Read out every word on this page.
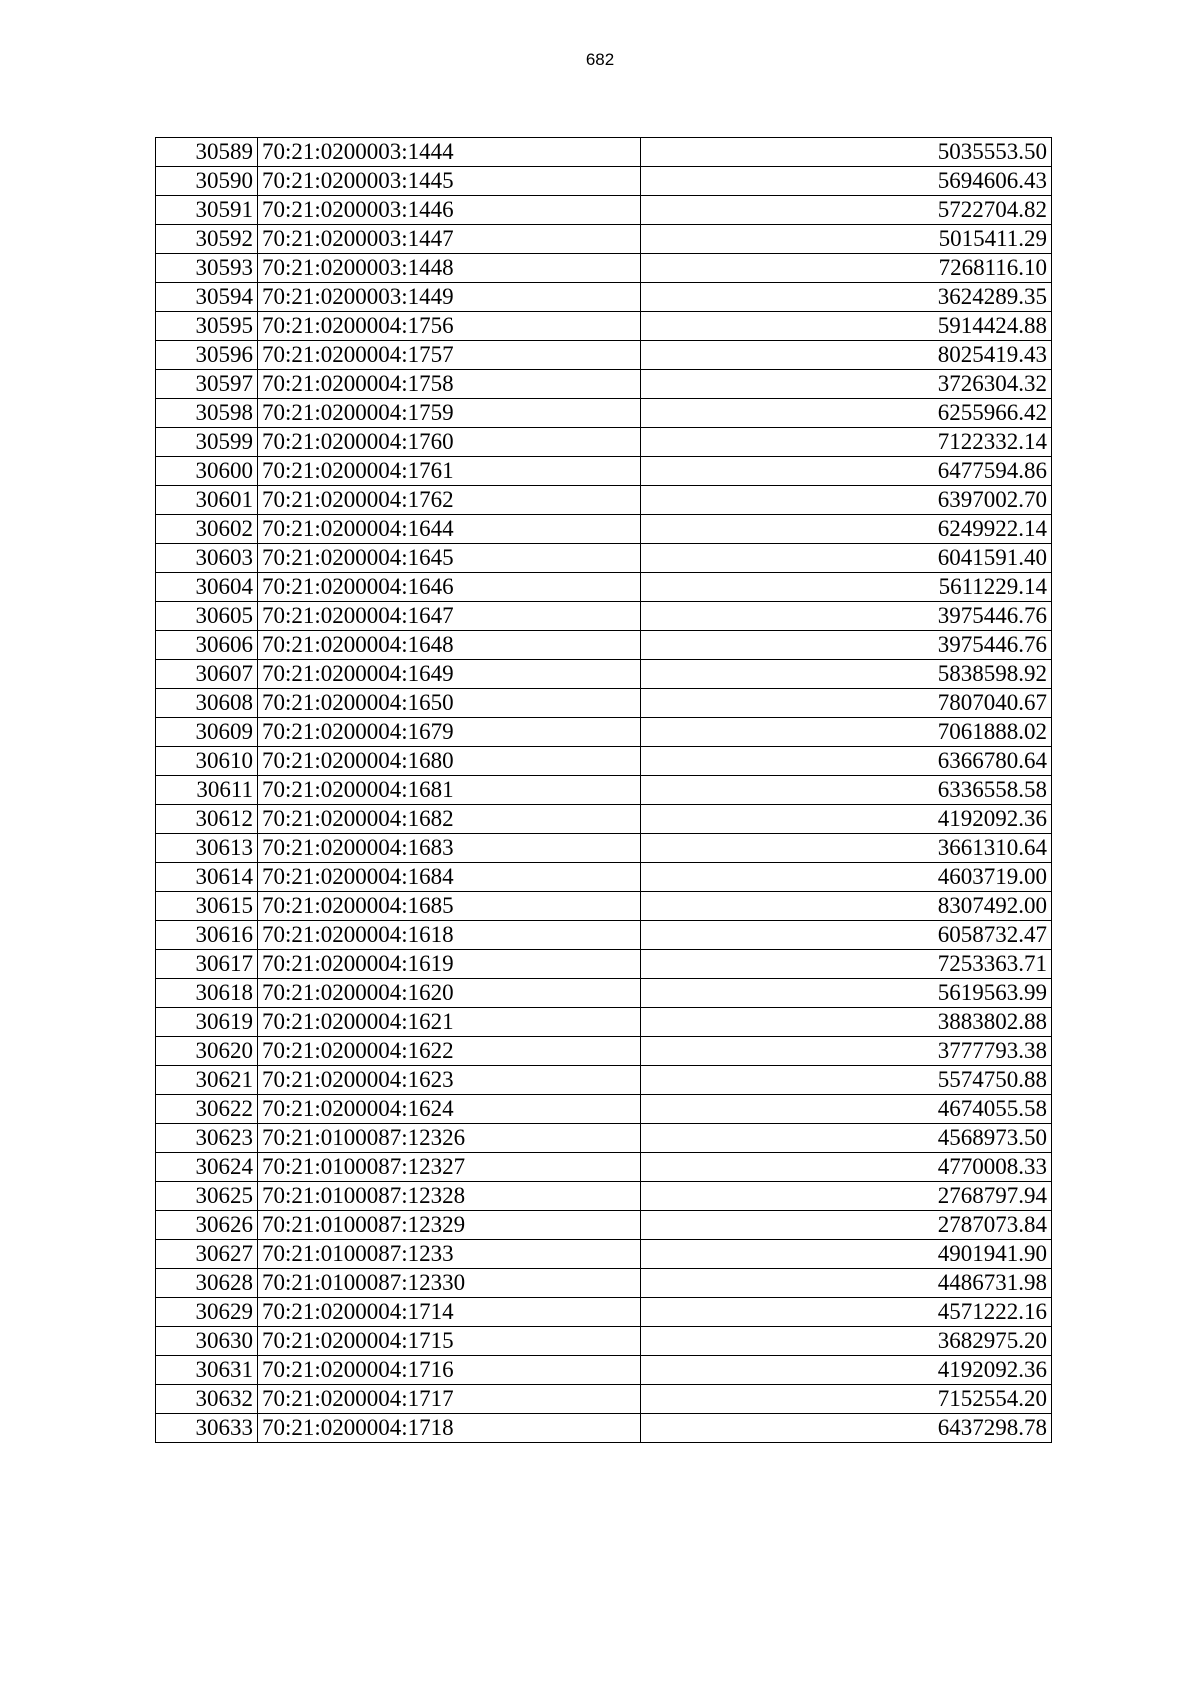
682
30589	70:21:0200003:1444	5035553.50
30590	70:21:0200003:1445	5694606.43
30591	70:21:0200003:1446	5722704.82
30592	70:21:0200003:1447	5015411.29
30593	70:21:0200003:1448	7268116.10
30594	70:21:0200003:1449	3624289.35
30595	70:21:0200004:1756	5914424.88
30596	70:21:0200004:1757	8025419.43
30597	70:21:0200004:1758	3726304.32
30598	70:21:0200004:1759	6255966.42
30599	70:21:0200004:1760	7122332.14
30600	70:21:0200004:1761	6477594.86
30601	70:21:0200004:1762	6397002.70
30602	70:21:0200004:1644	6249922.14
30603	70:21:0200004:1645	6041591.40
30604	70:21:0200004:1646	5611229.14
30605	70:21:0200004:1647	3975446.76
30606	70:21:0200004:1648	3975446.76
30607	70:21:0200004:1649	5838598.92
30608	70:21:0200004:1650	7807040.67
30609	70:21:0200004:1679	7061888.02
30610	70:21:0200004:1680	6366780.64
30611	70:21:0200004:1681	6336558.58
30612	70:21:0200004:1682	4192092.36
30613	70:21:0200004:1683	3661310.64
30614	70:21:0200004:1684	4603719.00
30615	70:21:0200004:1685	8307492.00
30616	70:21:0200004:1618	6058732.47
30617	70:21:0200004:1619	7253363.71
30618	70:21:0200004:1620	5619563.99
30619	70:21:0200004:1621	3883802.88
30620	70:21:0200004:1622	3777793.38
30621	70:21:0200004:1623	5574750.88
30622	70:21:0200004:1624	4674055.58
30623	70:21:0100087:12326	4568973.50
30624	70:21:0100087:12327	4770008.33
30625	70:21:0100087:12328	2768797.94
30626	70:21:0100087:12329	2787073.84
30627	70:21:0100087:1233	4901941.90
30628	70:21:0100087:12330	4486731.98
30629	70:21:0200004:1714	4571222.16
30630	70:21:0200004:1715	3682975.20
30631	70:21:0200004:1716	4192092.36
30632	70:21:0200004:1717	7152554.20
30633	70:21:0200004:1718	6437298.78
